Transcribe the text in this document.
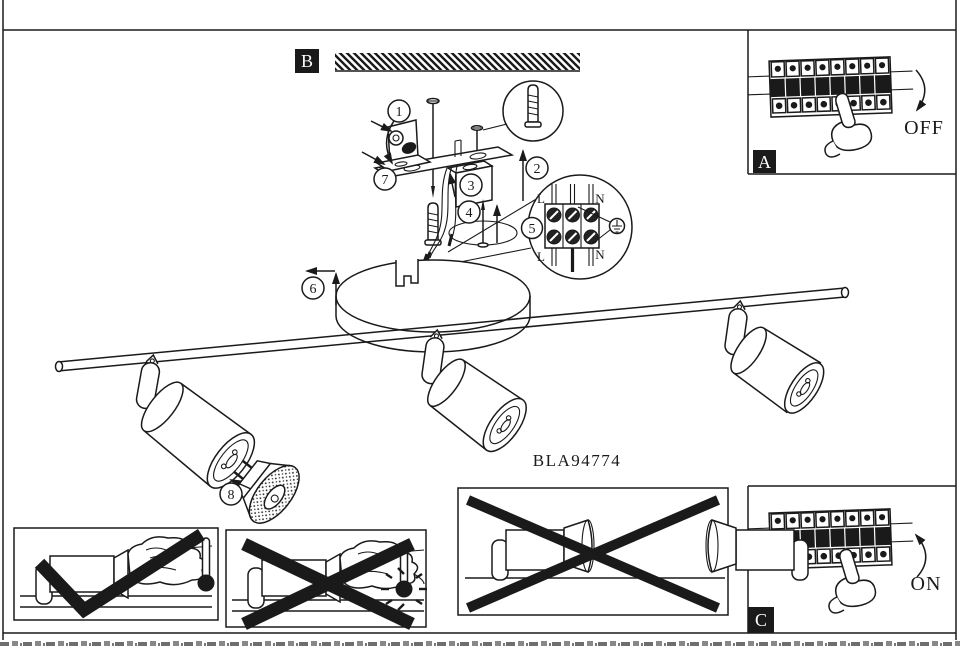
B
L	N
L	N
BLA94774
1
2
3
4
5
6
7
8
OFF
A
ON
C
